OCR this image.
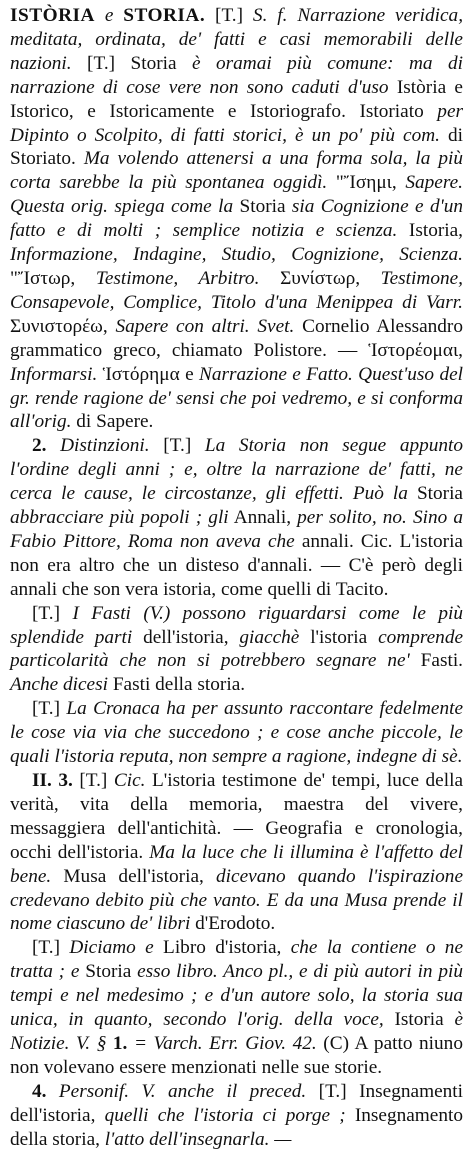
ISTÒRIA e STORIA. [T.] S. f. Narrazione veridica, meditata, ordinata, de' fatti e casi memorabili delle nazioni. [T.] Storia è oramai più comune: ma di narrazione di cose vere non sono caduti d'uso Istòria e Istorico, e Istoricamente e Istoriografo. Istoriato per Dipinto o Scolpito, di fatti storici, è un po' più com. di Storiato. Ma volendo attenersi a una forma sola, la più corta sarebbe la più spontanea oggidì. "Ἴσημι, Sapere. Questa orig. spiega come la Storia sia Cognizione e d'un fatto e di molti ; semplice notizia e scienza. Istoria, Informazione, Indagine, Studio, Cognizione, Scienza. "Ἴστωρ, Testimone, Arbitro. Συνίστωρ, Testimone, Consapevole, Complice, Titolo d'una Menippea di Varr. Συνιστορέω, Sapere con altri. Svet. Cornelio Alessandro grammatico greco, chiamato Polistore. — Ἱστορέομαι, Informarsi. Ἱστόρημα e Narrazione e Fatto. Quest'uso del gr. rende ragione de' sensi che poi vedremo, e si conforma all'orig. di Sapere.

2. Distinzioni. [T.] La Storia non segue appunto l'ordine degli anni ; e, oltre la narrazione de' fatti, ne cerca le cause, le circostanze, gli effetti. Può la Storia abbracciare più popoli ; gli Annali, per solito, no. Sino a Fabio Pittore, Roma non aveva che annali. Cic. L'istoria non era altro che un disteso d'annali. — C'è però degli annali che son vera istoria, come quelli di Tacito.

[T.] I Fasti (V.) possono riguardarsi come le più splendide parti dell'istoria, giacchè l'istoria comprende particolarità che non si potrebbero segnare ne' Fasti. Anche dicesi Fasti della storia.

[T.] La Cronaca ha per assunto raccontare fedelmente le cose via via che succedono ; e cose anche piccole, le quali l'istoria reputa, non sempre a ragione, indegne di sè.

II. 3. [T.] Cic. L'istoria testimone de' tempi, luce della verità, vita della memoria, maestra del vivere, messaggiera dell'antichità. — Geografia e cronologia, occhi dell'istoria. Ma la luce che li illumina è l'affetto del bene. Musa dell'istoria, dicevano quando l'ispirazione credevano debito più che vanto. E da una Musa prende il nome ciascuno de' libri d'Erodoto.

[T.] Diciamo e Libro d'istoria, che la contiene o ne tratta ; e Storia esso libro. Anco pl., e di più autori in più tempi e nel medesimo ; e d'un autore solo, la storia sua unica, in quanto, secondo l'orig. della voce, Istoria è Notizie. V. § 1. = Varch. Err. Giov. 42. (C) A patto niuno non volevano essere menzionati nelle sue storie.

4. Personif. V. anche il preced. [T.] Insegnamenti dell'istoria, quelli che l'istoria ci porge ; Insegnamento della storia, l'atto dell'insegnarla. —
